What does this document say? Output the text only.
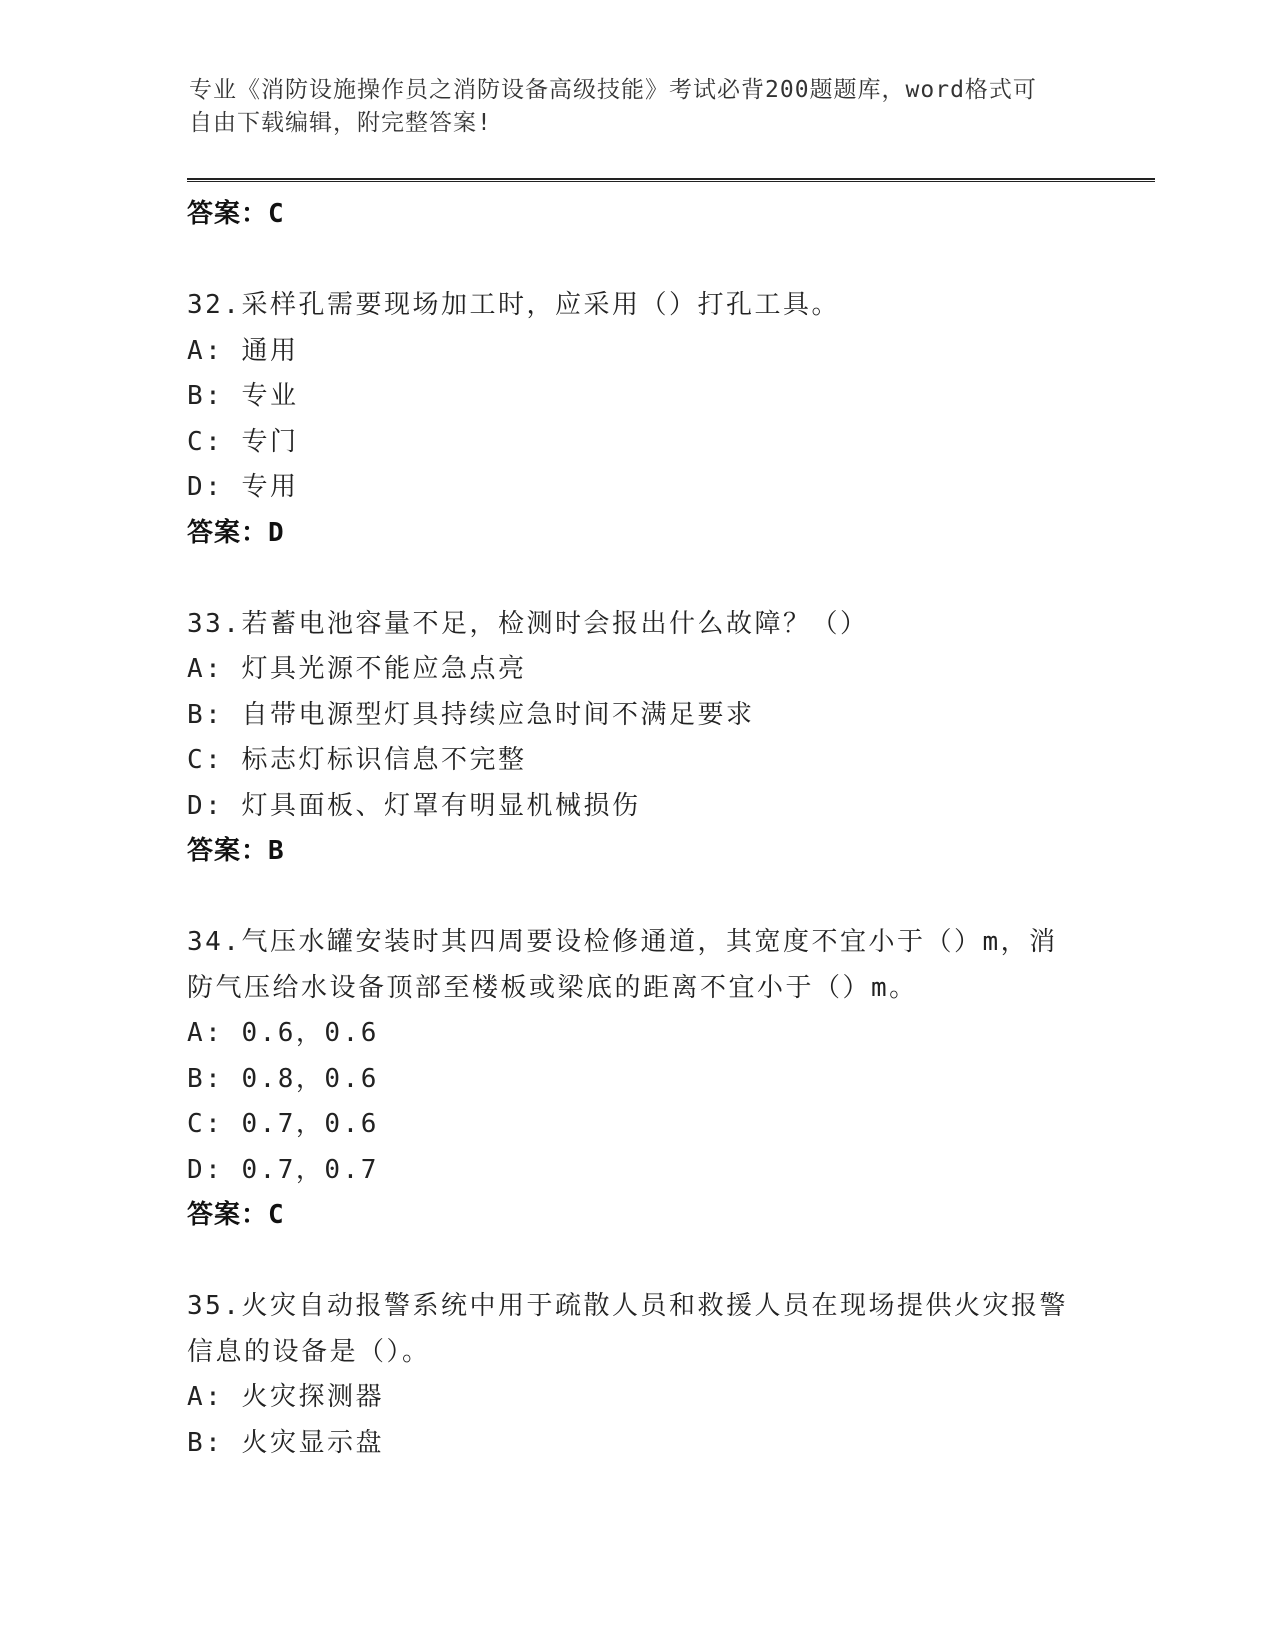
专业《消防设施操作员之消防设备高级技能》考试必背200题题库，word格式可
自由下载编辑，附完整答案!
答案：C
32.采样孔需要现场加工时，应采用（）打孔工具。
A: 通用
B: 专业
C: 专门
D: 专用
答案：D
33.若蓄电池容量不足，检测时会报出什么故障？（）
A: 灯具光源不能应急点亮
B: 自带电源型灯具持续应急时间不满足要求
C: 标志灯标识信息不完整
D: 灯具面板、灯罩有明显机械损伤
答案：B
34.气压水罐安装时其四周要设检修通道，其宽度不宜小于（）m，消
防气压给水设备顶部至楼板或梁底的距离不宜小于（）m。
A: 0.6，0.6
B: 0.8，0.6
C: 0.7，0.6
D: 0.7，0.7
答案：C
35.火灾自动报警系统中用于疏散人员和救援人员在现场提供火灾报警
信息的设备是（）。
A: 火灾探测器
B: 火灾显示盘
